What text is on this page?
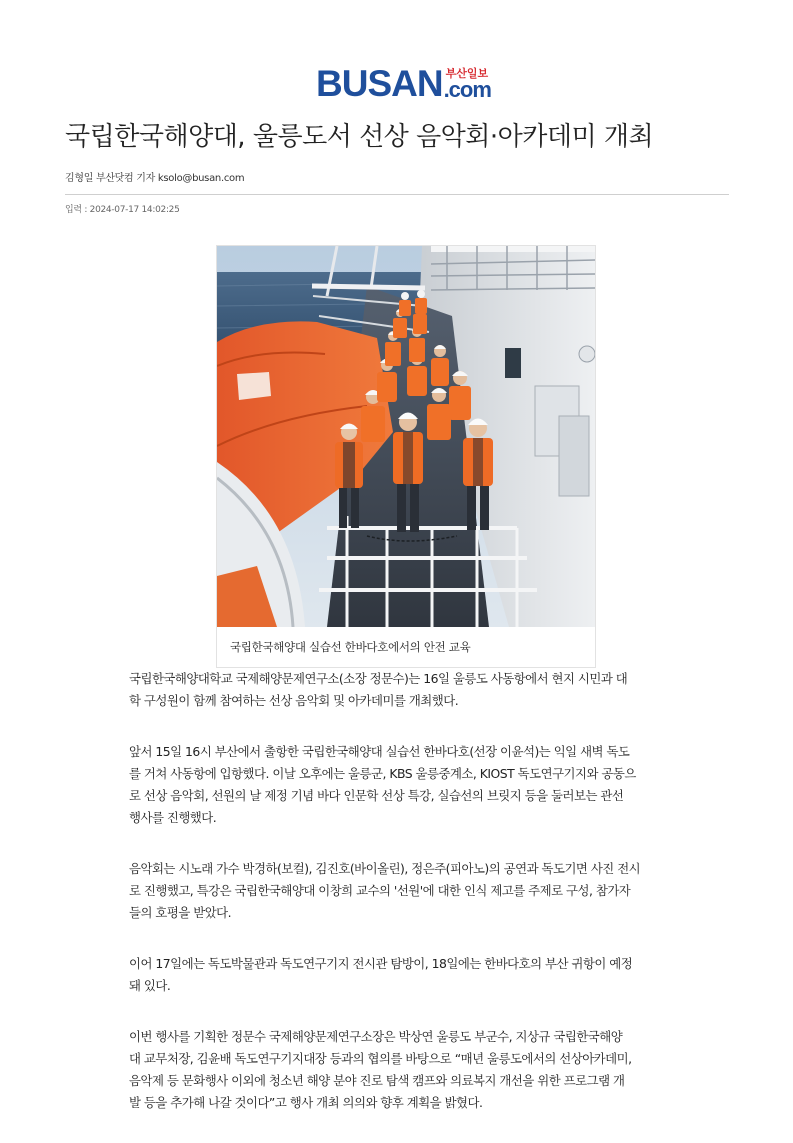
BUSAN 부산일보
.com
국립한국해양대, 울릉도서 선상 음악회·아카데미 개최
김형일 부산닷컴 기자 ksolo@busan.com
입력 : 2024-07-17 14:02:25
국립한국해양대 실습선 한바다호에서의 안전 교육

국립한국해양대학교 국제해양문제연구소(소장 정문수)는 16일 울릉도 사동항에서 현지 시민과 대
학 구성원이 함께 참여하는 선상 음악회 및 아카데미를 개최했다.

앞서 15일 16시 부산에서 출항한 국립한국해양대 실습선 한바다호(선장 이윤석)는 익일 새벽 독도
를 거쳐 사동항에 입항했다. 이날 오후에는 울릉군, KBS 울릉중계소, KIOST 독도연구기지와 공동으
로 선상 음악회, 선원의 날 제정 기념 바다 인문학 선상 특강, 실습선의 브릿지 등을 둘러보는 관선
행사를 진행했다.

음악회는 시노래 가수 박경하(보컬), 김진호(바이올린), 정은주(피아노)의 공연과 독도기면 사진 전시
로 진행했고, 특강은 국립한국해양대 이창희 교수의 '선원'에 대한 인식 제고를 주제로 구성, 참가자
들의 호평을 받았다.

이어 17일에는 독도박물관과 독도연구기지 전시관 탐방이, 18일에는 한바다호의 부산 귀항이 예정
돼 있다.

이번 행사를 기획한 정문수 국제해양문제연구소장은 박상연 울릉도 부군수, 지상규 국립한국해양
대 교무처장, 김윤배 독도연구기지대장 등과의 협의를 바탕으로 “매년 울릉도에서의 선상아카데미,
음악제 등 문화행사 이외에 청소년 해양 분야 진로 탐색 캠프와 의료복지 개선을 위한 프로그램 개
발 등을 추가해 나갈 것이다”고 행사 개최 의의와 향후 계획을 밝혔다.
